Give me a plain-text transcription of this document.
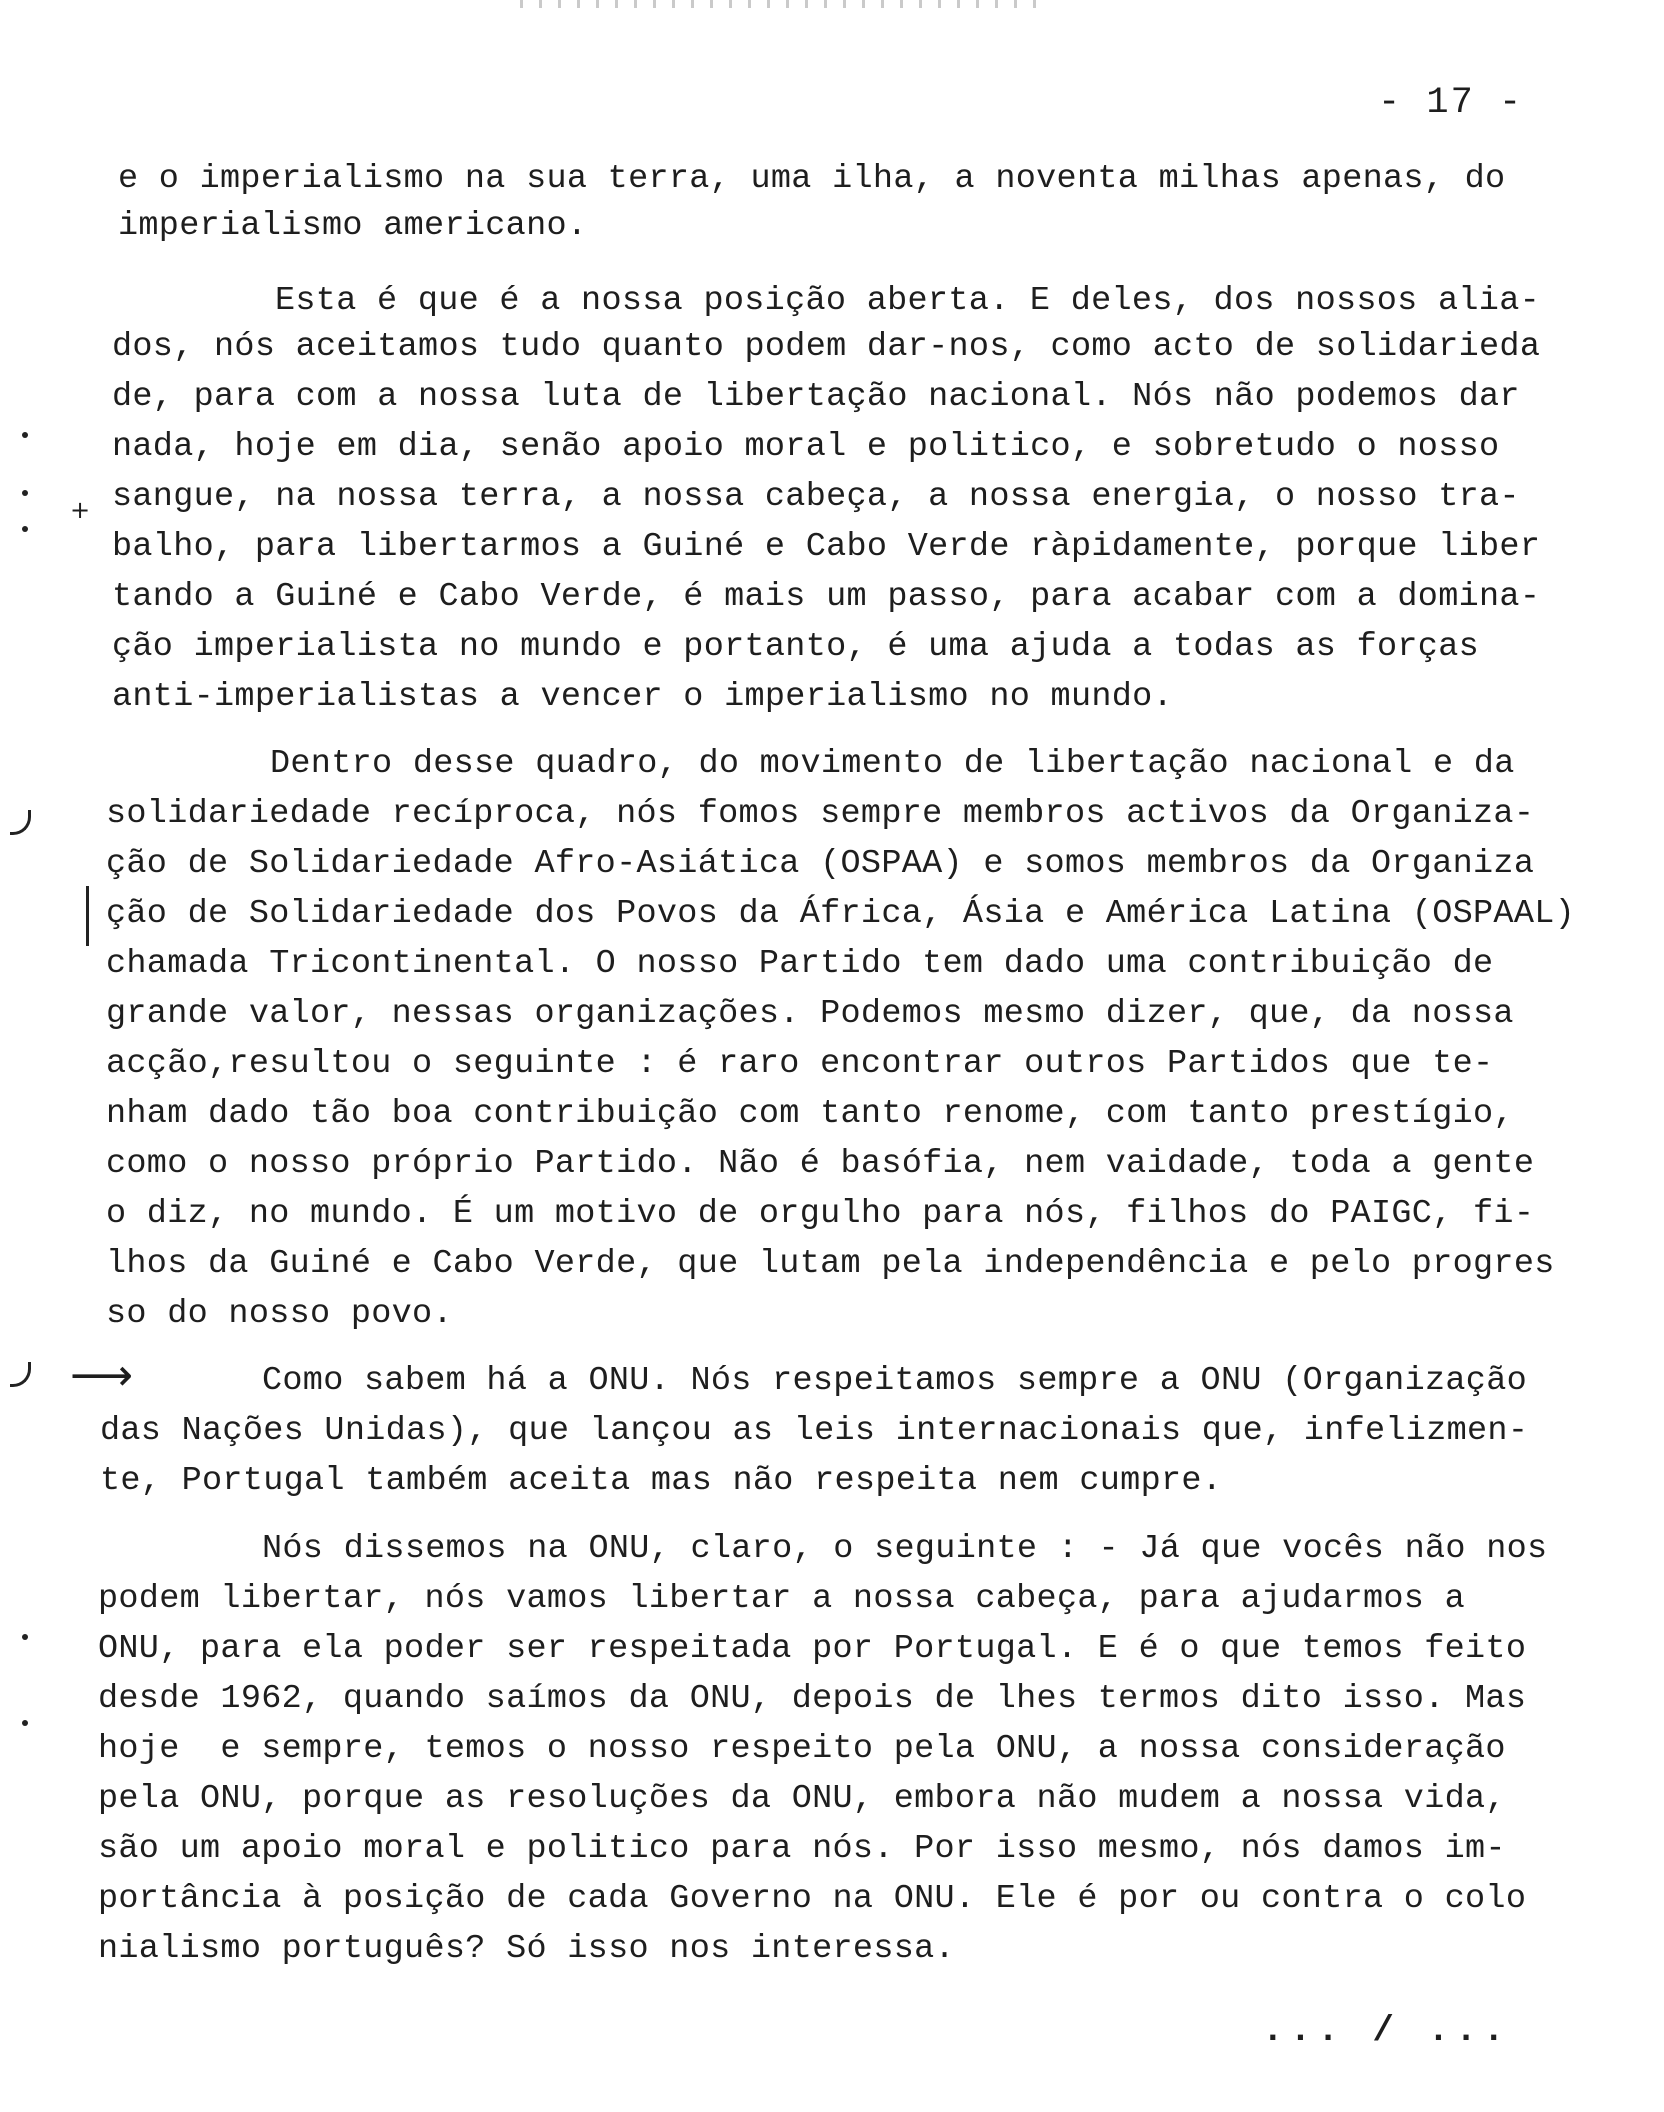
- 17 -
e o imperialismo na sua terra, uma ilha, a noventa milhas apenas, do
imperialismo americano.
Esta é que é a nossa posição aberta. E deles, dos nossos alia-
dos, nós aceitamos tudo quanto podem dar-nos, como acto de solidarieda
de, para com a nossa luta de libertação nacional. Nós não podemos dar
nada, hoje em dia, senão apoio moral e politico, e sobretudo o nosso
sangue, na nossa terra, a nossa cabeça, a nossa energia, o nosso tra-
balho, para libertarmos a Guiné e Cabo Verde ràpidamente, porque liber
tando a Guiné e Cabo Verde, é mais um passo, para acabar com a domina-
ção imperialista no mundo e portanto, é uma ajuda a todas as forças
anti-imperialistas a vencer o imperialismo no mundo.
Dentro desse quadro, do movimento de libertação nacional e da
solidariedade recíproca, nós fomos sempre membros activos da Organiza-
ção de Solidariedade Afro-Asiática (OSPAA) e somos membros da Organiza
ção de Solidariedade dos Povos da África, Ásia e América Latina (OSPAAL)
chamada Tricontinental. O nosso Partido tem dado uma contribuição de
grande valor, nessas organizações. Podemos mesmo dizer, que, da nossa
acção,resultou o seguinte : é raro encontrar outros Partidos que te-
nham dado tão boa contribuição com tanto renome, com tanto prestígio,
como o nosso próprio Partido. Não é basófia, nem vaidade, toda a gente
o diz, no mundo. É um motivo de orgulho para nós, filhos do PAIGC, fi-
lhos da Guiné e Cabo Verde, que lutam pela independência e pelo progres
so do nosso povo.
Como sabem há a ONU. Nós respeitamos sempre a ONU (Organização
das Nações Unidas), que lançou as leis internacionais que, infelizmen-
te, Portugal também aceita mas não respeita nem cumpre.
Nós dissemos na ONU, claro, o seguinte : - Já que vocês não nos
podem libertar, nós vamos libertar a nossa cabeça, para ajudarmos a
ONU, para ela poder ser respeitada por Portugal. E é o que temos feito
desde 1962, quando saímos da ONU, depois de lhes termos dito isso. Mas
hoje  e sempre, temos o nosso respeito pela ONU, a nossa consideração
pela ONU, porque as resoluções da ONU, embora não mudem a nossa vida,
são um apoio moral e politico para nós. Por isso mesmo, nós damos im-
portância à posição de cada Governo na ONU. Ele é por ou contra o colo
nialismo português? Só isso nos interessa.
... / ...
+
⟶
